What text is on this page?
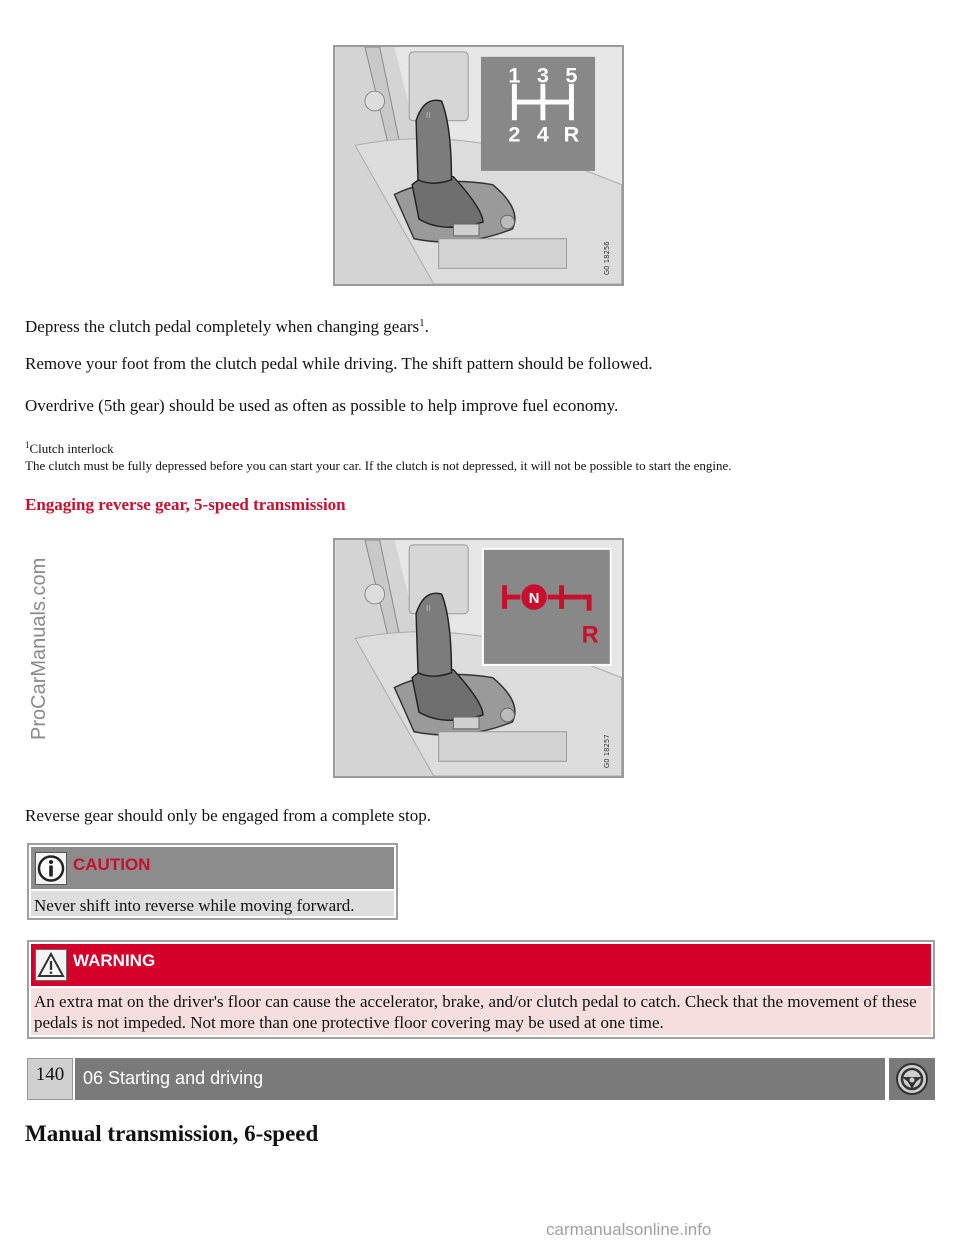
⁝⁝
1 3 5
2 4 R
G0 18256

Depress the clutch pedal completely when changing gears$^1$.

Remove your foot from the clutch pedal while driving. The shift pattern should be followed.

Overdrive (5th gear) should be used as often as possible to help improve fuel economy.

$^1$Clutch interlock

The clutch must be fully depressed before you can start your car. If the clutch is not depressed, it will not be possible to start the engine.

Engaging reverse gear, 5-speed transmission
⁝⁝
N
R
G0 18257
ProCarManuals.com

Reverse gear should only be engaged from a complete stop.

CAUTION
Never shift into reverse while moving forward.
WARNING
An extra mat on the driver's floor can cause the accelerator, brake, and/or clutch pedal to catch. Check that the movement of these pedals is not impeded. Not more than one protective floor covering may be used at one time.
140	06 Starting and driving
Manual transmission, 6-speed
carmanualsonline.info
